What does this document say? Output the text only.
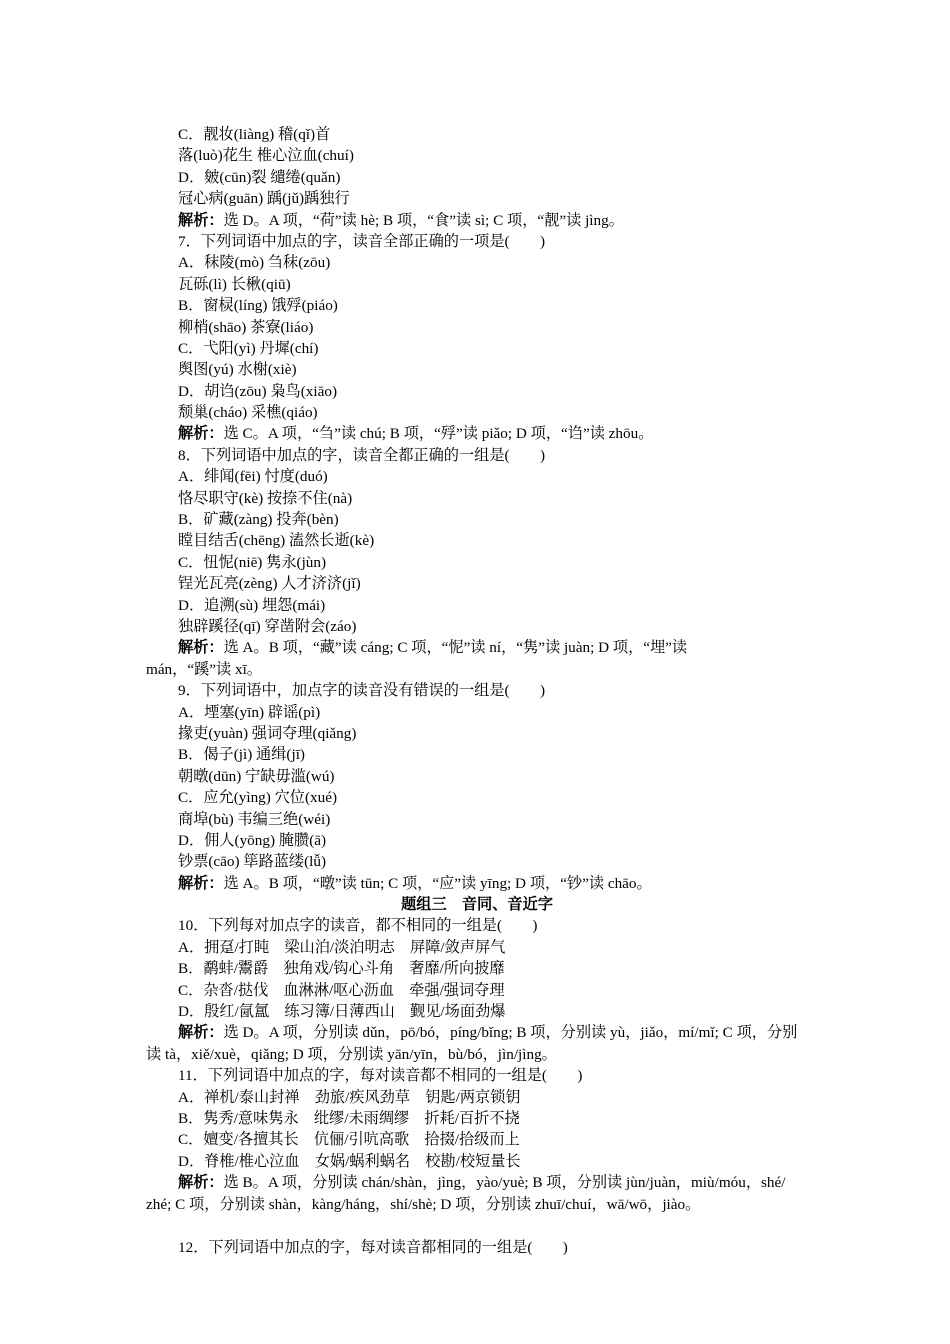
C．靓妆(liàng) 稽(qǐ)首
落(luò)花生 椎心泣血(chuí)
D．皴(cūn)裂 缱绻(quǎn)
冠心病(guān) 踽(jǔ)踽独行
解析：选 D。A 项，“荷”读 hè; B 项，“食”读 sì; C 项，“靓”读 jìng。
7．下列词语中加点的字，读音全部正确的一项是(　　)
A．秣陵(mò) 刍秣(zōu)
瓦砾(lì) 长楸(qiū)
B．窗棂(líng) 饿殍(piáo)
柳梢(shāo) 茶寮(liáo)
C．弋阳(yì) 丹墀(chí)
舆图(yú) 水榭(xiè)
D．胡诌(zōu) 枭鸟(xiāo)
颓巢(cháo) 采樵(qiáo)
解析：选 C。A 项，“刍”读 chú; B 项，“殍”读 piǎo; D 项，“诌”读 zhōu。
8．下列词语中加点的字，读音全都正确的一组是(　　)
A．绯闻(fēi) 忖度(duó)
恪尽职守(kè) 按捺不住(nà)
B．矿藏(zàng) 投奔(bèn)
瞠目结舌(chēng) 溘然长逝(kè)
C．忸怩(niē) 隽永(jùn)
锃光瓦亮(zèng) 人才济济(jǐ)
D．追溯(sù) 埋怨(mái)
独辟蹊径(qī) 穿凿附会(záo)
解析：选 A。B 项，“藏”读 cáng; C 项，“怩”读 ní，“隽”读 juàn; D 项，“埋”读
mán，“蹊”读 xī。
9．下列词语中，加点字的读音没有错误的一组是(　　)
A．堙塞(yīn) 辟谣(pì)
掾吏(yuàn) 强词夺理(qiǎng)
B．偈子(jì) 通缉(jī)
朝暾(dūn) 宁缺毋滥(wú)
C．应允(yìng) 穴位(xué)
商埠(bù) 韦编三绝(wéi)
D．佣人(yōng) 腌臜(ā)
钞票(cāo) 筚路蓝缕(lǚ)
解析：选 A。B 项，“暾”读 tūn; C 项，“应”读 yīng; D 项，“钞”读 chāo。
题组三　音同、音近字
10．下列每对加点字的读音，都不相同的一组是(　　)
A．拥趸/打盹　梁山泊/淡泊明志　屏障/敛声屏气
B．鹬蚌/鬻爵　独角戏/钩心斗角　奢靡/所向披靡
C．杂沓/挞伐　血淋淋/呕心沥血　牵强/强词夺理
D．殷红/氤氲　练习簿/日薄西山　觐见/场面劲爆
解析：选 D。A 项，分别读 dǔn，pō/bó，píng/bǐng; B 项，分别读 yù，jiǎo，mí/mǐ; C 项，分别
读 tà，xiě/xuè，qiǎng; D 项，分别读 yān/yīn，bù/bó，jìn/jìng。
11．下列词语中加点的字，每对读音都不相同的一组是(　　)
A．禅机/泰山封禅　劲旅/疾风劲草　钥匙/两京锁钥
B．隽秀/意味隽永　纰缪/未雨绸缪　折耗/百折不挠
C．嬗变/各擅其长　伉俪/引吭高歌　拾掇/拾级而上
D．脊椎/椎心泣血　女娲/蜗利蜗名　校勘/校短量长
解析：选 B。A 项，分别读 chán/shàn，jìng，yào/yuè; B 项，分别读 jùn/juàn，miù/móu，shé/
zhé; C 项，分别读 shàn，kàng/háng，shí/shè; D 项，分别读 zhuī/chuí，wā/wō，jiào。
12．下列词语中加点的字，每对读音都相同的一组是(　　)
